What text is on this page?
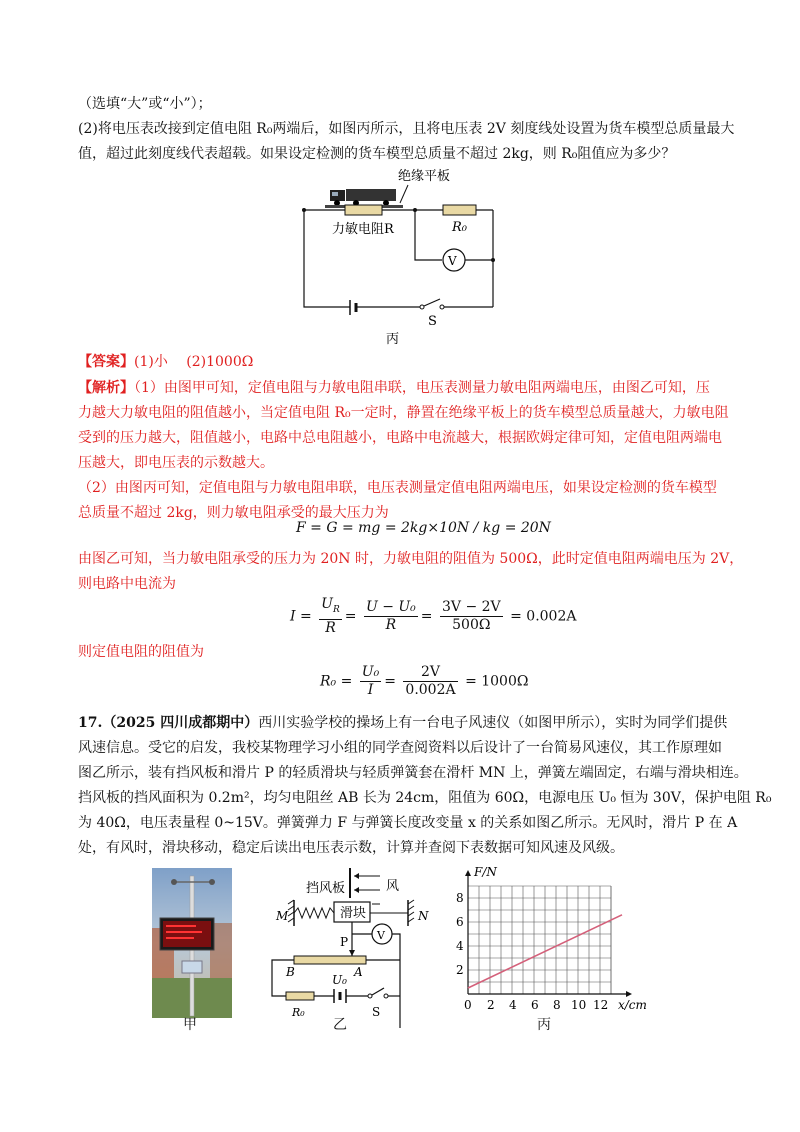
（选填“大”或“小”）；
(2)将电压表改接到定值电阻 R₀两端后，如图丙所示，且将电压表 2V 刻度线处设置为货车模型总质量最大
值，超过此刻度线代表超载。如果设定检测的货车模型总质量不超过 2kg，则 R₀阻值应为多少？
绝缘平板
力敏电阻R	R₀
V
S
丙
【答案】(1)小　 (2)1000Ω
【解析】（1）由图甲可知，定值电阻与力敏电阻串联，电压表测量力敏电阻两端电压，由图乙可知，压
力越大力敏电阻的阻值越小，当定值电阻 R₀一定时，静置在绝缘平板上的货车模型总质量越大，力敏电阻
受到的压力越大，阻值越小，电路中总电阻越小，电路中电流越大，根据欧姆定律可知，定值电阻两端电
压越大，即电压表的示数越大。
（2）由图丙可知，定值电阻与力敏电阻串联，电压表测量定值电阻两端电压，如果设定检测的货车模型
总质量不超过 2kg，则力敏电阻承受的最大压力为
F = G = mg = 2kg×10N / kg = 20N
由图乙可知，当力敏电阻承受的压力为 20N 时，力敏电阻的阻值为 500Ω，此时定值电阻两端电压为 2V，
则电路中电流为
$I = \frac{U_R}{R} = \frac{\text{U − U₀}}{R} = \frac{3V - 2V}{500\Omega} = 0.002A$
则定值电阻的阻值为
$R_0 = \frac{\text{U₀}}{I} = \frac{2V}{0.002A} = 1000\Omega$
17.（2025 四川成都期中）西川实验学校的操场上有一台电子风速仪（如图甲所示），实时为同学们提供
风速信息。受它的启发，我校某物理学习小组的同学查阅资料以后设计了一台简易风速仪，其工作原理如
图乙所示，装有挡风板和滑片 P 的轻质滑块与轻质弹簧套在滑杆 MN 上，弹簧左端固定，右端与滑块相连。
挡风板的挡风面积为 0.2m²，均匀电阻丝 AB 长为 24cm，阻值为 60Ω，电源电压 U₀ 恒为 30V，保护电阻 R₀
为 40Ω，电压表量程 0~15V。弹簧弹力 F 与弹簧长度改变量 x 的关系如图乙所示。无风时，滑片 P 在 A
处，有风时，滑块移动，稳定后读出电压表示数，计算并查阅下表数据可知风速及风级。
甲
挡风板	风
M	滑块	N
P	V
B	A
R₀
U₀
S
乙
2
4
6
8
2 4 6 8 10 12
F/N
x/cm
0
丙
